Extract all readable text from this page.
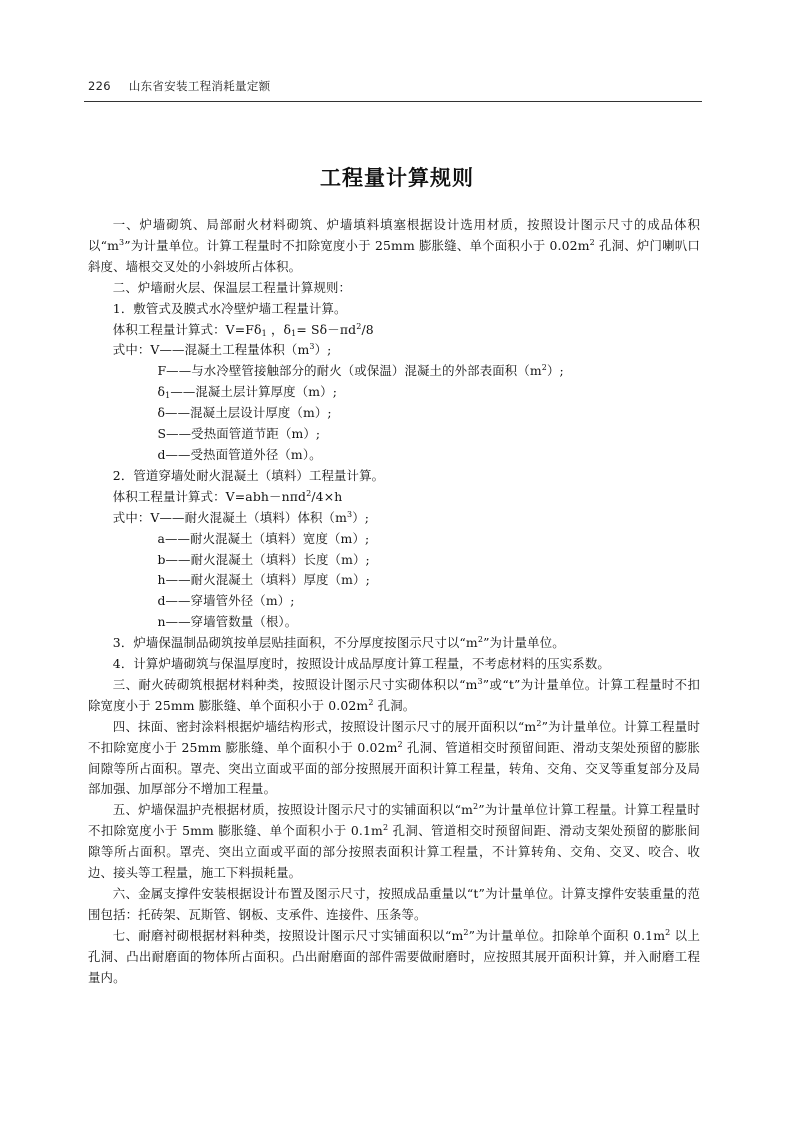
226 山东省安装工程消耗量定额
工程量计算规则

一、炉墙砌筑、局部耐火材料砌筑、炉墙填料填塞根据设计选用材质，按照设计图示尺寸的成品体积以“$m^3$”为计量单位。计算工程量时不扣除宽度小于 25mm 膨胀缝、单个面积小于 $0.02m^2$ 孔洞、炉门喇叭口斜度、墙根交叉处的小斜坡所占体积。

二、炉墙耐火层、保温层工程量计算规则：

1．敷管式及膜式水冷壁炉墙工程量计算。

体积工程量计算式：$V=F\delta_1$ ，$\delta_1= S\delta-\pi d^2/8$

式中：V——混凝土工程量体积$(m^3)$;

F——与水冷壁管接触部分的耐火（或保温）混凝土的外部表面积$(m^2)$;

$\delta_1——$混凝土层计算厚度（m）;

δ——混凝土层设计厚度（m）;

S——受热面管道节距（m）;

d——受热面管道外径（m）。

2．管道穿墙处耐火混凝土（填料）工程量计算。

体积工程量计算式：V=abh－nπd$^2$/4×h

式中：V——耐火混凝土（填料）体积$(m^3)$;

a——耐火混凝土（填料）宽度（m）;

b——耐火混凝土（填料）长度（m）;

h——耐火混凝土（填料）厚度（m）;

d——穿墙管外径（m）;

n——穿墙管数量（根）。

3．炉墙保温制品砌筑按单层贴挂面积，不分厚度按图示尺寸以“$m^2$”为计量单位。

4．计算炉墙砌筑与保温厚度时，按照设计成品厚度计算工程量，不考虑材料的压实系数。

三、耐火砖砌筑根据材料种类，按照设计图示尺寸实砌体积以“$m^3$”或“t”为计量单位。计算工程量时不扣除宽度小于 25mm 膨胀缝、单个面积小于 $0.02m^2$ 孔洞。

四、抹面、密封涂料根据炉墙结构形式，按照设计图示尺寸的展开面积以“$m^2$”为计量单位。计算工程量时不扣除宽度小于 25mm 膨胀缝、单个面积小于 $0.02m^2$ 孔洞、管道相交时预留间距、滑动支架处预留的膨胀间隙等所占面积。罩壳、突出立面或平面的部分按照展开面积计算工程量，转角、交角、交叉等重复部分及局部加强、加厚部分不增加工程量。

五、炉墙保温护壳根据材质，按照设计图示尺寸的实铺面积以“$m^2$”为计量单位计算工程量。计算工程量时不扣除宽度小于 5mm 膨胀缝、单个面积小于 $0.1m^2$ 孔洞、管道相交时预留间距、滑动支架处预留的膨胀间隙等所占面积。罩壳、突出立面或平面的部分按照表面积计算工程量，不计算转角、交角、交叉、咬合、收边、接头等工程量，施工下料损耗量。

六、金属支撑件安装根据设计布置及图示尺寸，按照成品重量以“t”为计量单位。计算支撑件安装重量的范围包括：托砖架、瓦斯管、钢板、支承件、连接件、压条等。

七、耐磨衬砌根据材料种类，按照设计图示尺寸实铺面积以“$m^2$”为计量单位。扣除单个面积 $0.1m^2$ 以上孔洞、凸出耐磨面的物体所占面积。凸出耐磨面的部件需要做耐磨时，应按照其展开面积计算，并入耐磨工程量内。
